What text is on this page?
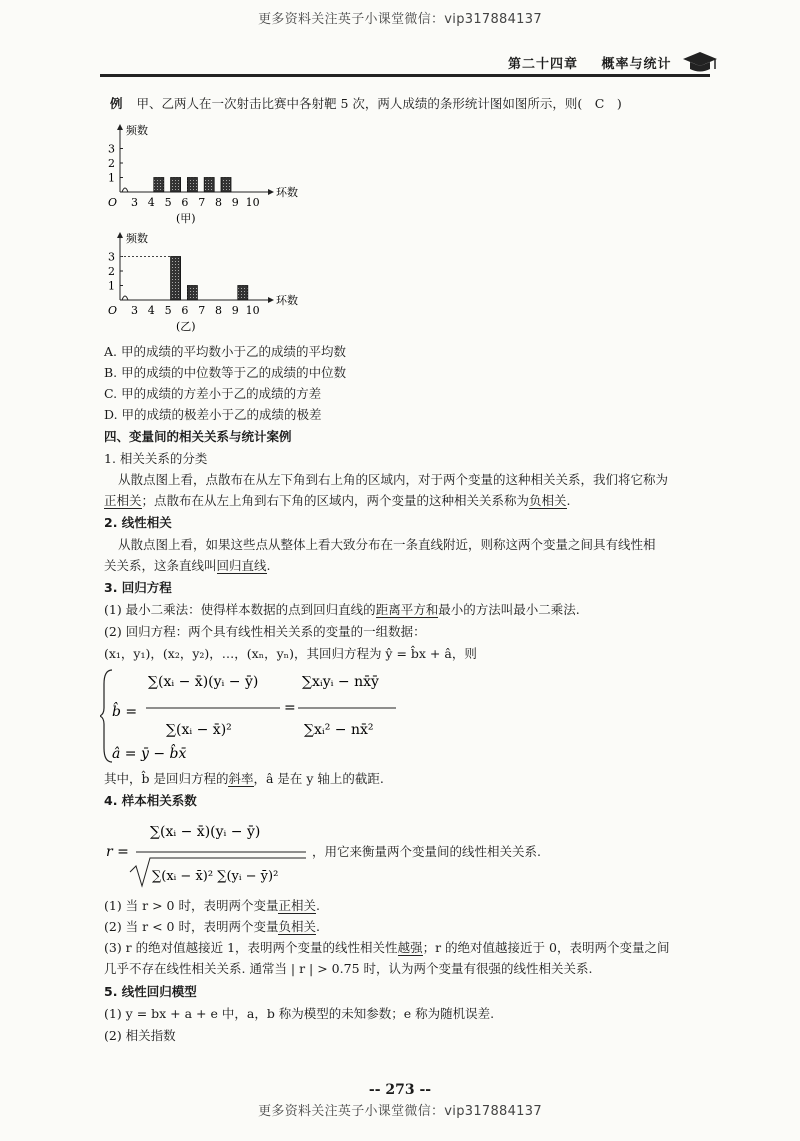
更多资料关注英子小课堂微信：vip317884137
第二十四章 概率与统计
例 甲、乙两人在一次射击比赛中各射靶 5 次，两人成绩的条形统计图如图所示，则(　C　)
频数
环数
O
1
2
3
3 4 5 6 7 8 9 10
(甲)
频数
环数
O
1
2
3
3 4 5 6 7 8 9 10
(乙)
A. 甲的成绩的平均数小于乙的成绩的平均数
B. 甲的成绩的中位数等于乙的成绩的中位数
C. 甲的成绩的方差小于乙的成绩的方差
D. 甲的成绩的极差小于乙的成绩的极差
四、变量间的相关关系与统计案例
1. 相关关系的分类
从散点图上看，点散布在从左下角到右上角的区域内，对于两个变量的这种相关关系，我们将它称为
正相关；点散布在从左上角到右下角的区域内，两个变量的这种相关关系称为负相关.
2. 线性相关
从散点图上看，如果这些点从整体上看大致分布在一条直线附近，则称这两个变量之间具有线性相
关关系，这条直线叫回归直线.
3. 回归方程
(1) 最小二乘法：使得样本数据的点到回归直线的距离平方和最小的方法叫最小二乘法.
(2) 回归方程：两个具有线性相关关系的变量的一组数据：
(x₁，y₁)，(x₂，y₂)，…，(xₙ，yₙ)，其回归方程为 ŷ = b̂x + â，则
b̂ =
∑(xᵢ − x̄)(yᵢ − ȳ)
∑(xᵢ − x̄)²
=
∑xᵢyᵢ − nx̄ȳ
∑xᵢ² − nx̄²
â = ȳ − b̂x̄
其中，b̂ 是回归方程的斜率，â 是在 y 轴上的截距.
4. 样本相关系数
r =
∑(xᵢ − x̄)(yᵢ − ȳ)
∑(xᵢ − x̄)² ∑(yᵢ − ȳ)²
，用它来衡量两个变量间的线性相关关系.
(1) 当 r > 0 时，表明两个变量正相关.
(2) 当 r < 0 时，表明两个变量负相关.
(3) r 的绝对值越接近 1，表明两个变量的线性相关性越强；r 的绝对值越接近于 0，表明两个变量之间
几乎不存在线性相关关系. 通常当 | r | > 0.75 时，认为两个变量有很强的线性相关关系.
5. 线性回归模型
(1) y = bx + a + e 中，a，b 称为模型的未知参数；e 称为随机误差.
(2) 相关指数
-- 273 --
更多资料关注英子小课堂微信：vip317884137
